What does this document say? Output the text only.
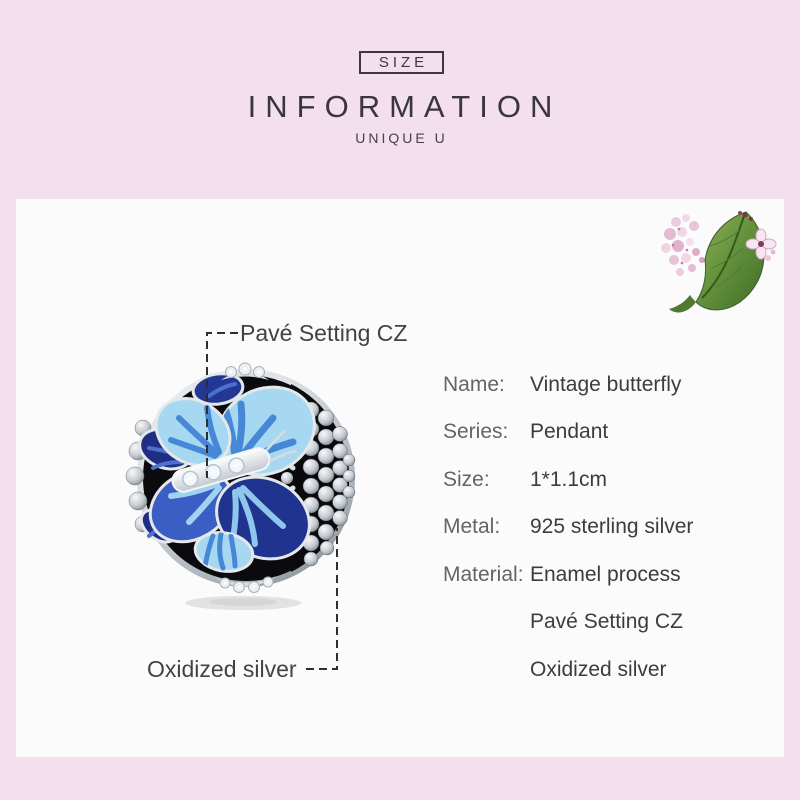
SIZE
INFORMATION
UNIQUE U
Pavé Setting CZ
Oxidized silver
Name:	Vintage butterfly
Series:	Pendant
Size:	1*1.1cm
Metal:	925 sterling silver
Material: Enamel process
Pavé Setting CZ
Oxidized silver
